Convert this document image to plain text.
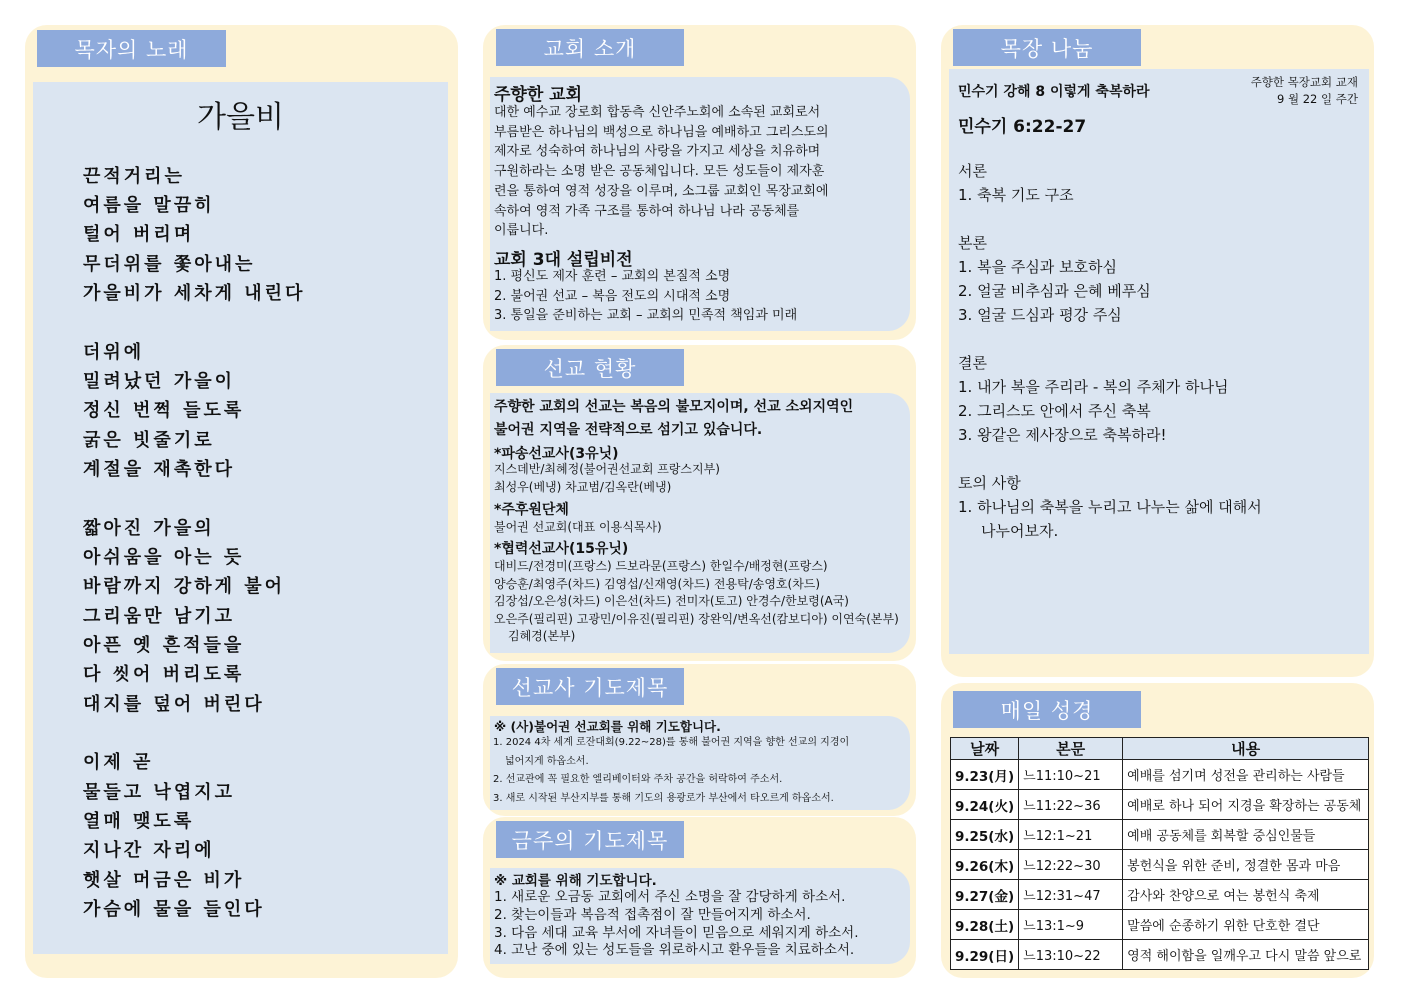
목자의 노래
가을비
끈적거리는
여름을 말끔히
털어 버리며
무더위를 쫓아내는
가을비가 세차게 내린다
더위에
밀려났던 가을이
정신 번쩍 들도록
굵은 빗줄기로
계절을 재촉한다
짧아진 가을의
아쉬움을 아는 듯
바람까지 강하게 불어
그리움만 남기고
아픈 옛 흔적들을
다 씻어 버리도록
대지를 덮어 버린다
이제 곧
물들고 낙엽지고
열매 맺도록
지나간 자리에
햇살 머금은 비가
가슴에 물을 들인다
교회 소개
주향한 교회
대한 예수교 장로회 합동측 신안주노회에 소속된 교회로서
부름받은 하나님의 백성으로 하나님을 예배하고 그리스도의
제자로 성숙하여 하나님의 사랑을 가지고 세상을 치유하며
구원하라는 소명 받은 공동체입니다. 모든 성도들이 제자훈
련을 통하여 영적 성장을 이루며, 소그룹 교회인 목장교회에
속하여 영적 가족 구조를 통하여 하나님 나라 공동체를
이룹니다.
교회 3대 설립비전
1. 평신도 제자 훈련 – 교회의 본질적 소명
2. 불어권 선교 – 복음 전도의 시대적 소명
3. 통일을 준비하는 교회 – 교회의 민족적 책임과 미래
선교 현황
주향한 교회의 선교는 복음의 불모지이며, 선교 소외지역인
불어권 지역을 전략적으로 섬기고 있습니다.
*파송선교사(3유닛)
지스데반/최혜정(불어권선교회 프랑스지부)
최성우(베냉) 차교범/김옥란(베냉)
*주후원단체
불어권 선교회(대표 이용식목사)
*협력선교사(15유닛)
대비드/전경미(프랑스) 드보라문(프랑스) 한일수/배정현(프랑스)
양승훈/최영주(차드) 김영섭/신재영(차드) 전용탁/송영호(차드)
김장섭/오은성(차드) 이은선(차드) 전미자(토고) 안경수/한보령(A국)
오은주(필리핀) 고광민/이유진(필리핀) 장완익/변옥선(캄보디아) 이연숙(본부)
김혜경(본부)
선교사 기도제목
※ (사)불어권 선교회를 위해 기도합니다.
1. 2024 4차 세계 로잔대회(9.22~28)를 통해 불어권 지역을 향한 선교의 지경이
넓어지게 하옵소서.
2. 선교관에 꼭 필요한 엘리베이터와 주차 공간을 허락하여 주소서.
3. 새로 시작된 부산지부를 통해 기도의 용광로가 부산에서 타오르게 하옵소서.
금주의 기도제목
※ 교회를 위해 기도합니다.
1. 새로운 오금동 교회에서 주신 소명을 잘 감당하게 하소서.
2. 찾는이들과 복음적 접촉점이 잘 만들어지게 하소서.
3. 다음 세대 교육 부서에 자녀들이 믿음으로 세워지게 하소서.
4. 고난 중에 있는 성도들을 위로하시고 환우들을 치료하소서.
목장 나눔
민수기 강해 8 이렇게 축복하라
주향한 목장교회 교재
9 월 22 일 주간
민수기 6:22-27
서론
1. 축복 기도 구조
본론
1. 복을 주심과 보호하심
2. 얼굴 비추심과 은혜 베푸심
3. 얼굴 드심과 평강 주심
결론
1. 내가 복을 주리라 - 복의 주체가 하나님
2. 그리스도 안에서 주신 축복
3. 왕같은 제사장으로 축복하라!
토의 사항
1. 하나님의 축복을 누리고 나누는 삶에 대해서
나누어보자.
매일 성경
날짜	본문	내용
9.23(月)	느11:10~21	예배를 섬기며 성전을 관리하는 사람들
9.24(火)	느11:22~36	예배로 하나 되어 지경을 확장하는 공동체
9.25(水)	느12:1~21	예배 공동체를 회복할 중심인물들
9.26(木)	느12:22~30	봉헌식을 위한 준비, 정결한 몸과 마음
9.27(金)	느12:31~47	감사와 찬양으로 여는 봉헌식 축제
9.28(土)	느13:1~9	말씀에 순종하기 위한 단호한 결단
9.29(日)	느13:10~22	영적 해이함을 일깨우고 다시 말씀 앞으로
